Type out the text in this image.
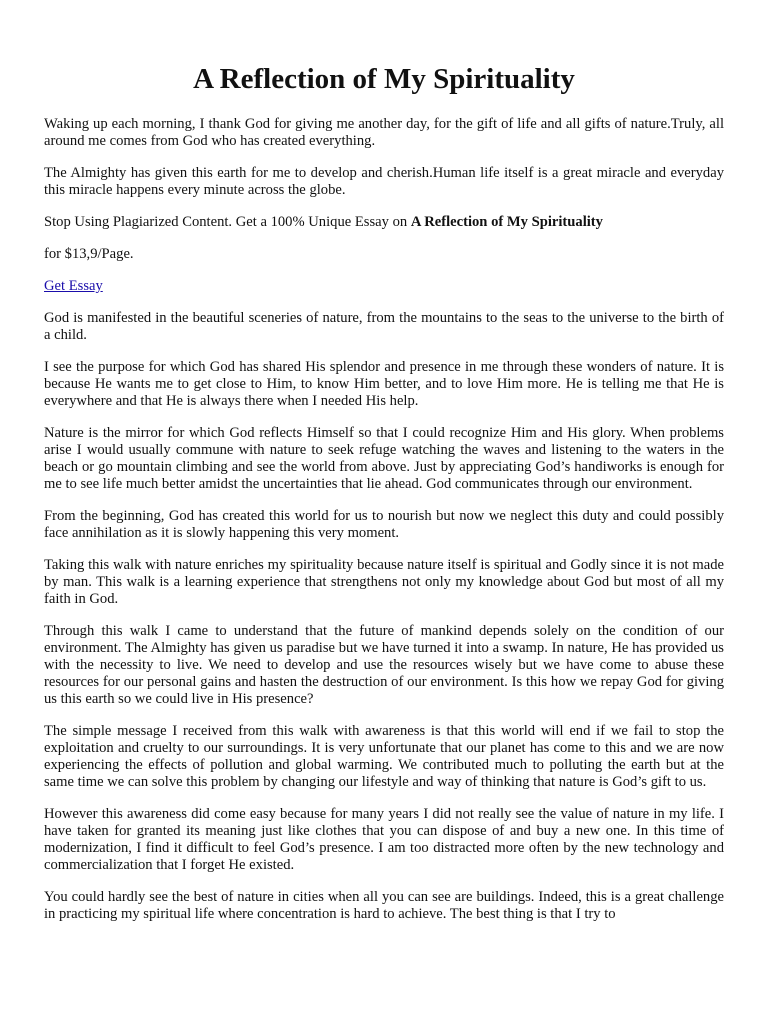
A Reflection of My Spirituality

Waking up each morning, I thank God for giving me another day, for the gift of life and all gifts of nature.Truly, all around me comes from God who has created everything.

The Almighty has given this earth for me to develop and cherish.Human life itself is a great miracle and everyday this miracle happens every minute across the globe.

Stop Using Plagiarized Content. Get a 100% Unique Essay on A Reflection of My Spirituality

for $13,9/Page.

Get Essay

God is manifested in the beautiful sceneries of nature, from the mountains to the seas to the universe to the birth of a child.

I see the purpose for which God has shared His splendor and presence in me through these wonders of nature. It is because He wants me to get close to Him, to know Him better, and to love Him more. He is telling me that He is everywhere and that He is always there when I needed His help.

Nature is the mirror for which God reflects Himself so that I could recognize Him and His glory. When problems arise I would usually commune with nature to seek refuge watching the waves and listening to the waters in the beach or go mountain climbing and see the world from above. Just by appreciating God’s handiworks is enough for me to see life much better amidst the uncertainties that lie ahead. God communicates through our environment.

From the beginning, God has created this world for us to nourish but now we neglect this duty and could possibly face annihilation as it is slowly happening this very moment.

Taking this walk with nature enriches my spirituality because nature itself is spiritual and Godly since it is not made by man. This walk is a learning experience that strengthens not only my knowledge about God but most of all my faith in God.

Through this walk I came to understand that the future of mankind depends solely on the condition of our environment. The Almighty has given us paradise but we have turned it into a swamp. In nature, He has provided us with the necessity to live. We need to develop and use the resources wisely but we have come to abuse these resources for our personal gains and hasten the destruction of our environment. Is this how we repay God for giving us this earth so we could live in His presence?

The simple message I received from this walk with awareness is that this world will end if we fail to stop the exploitation and cruelty to our surroundings. It is very unfortunate that our planet has come to this and we are now experiencing the effects of pollution and global warming. We contributed much to polluting the earth but at the same time we can solve this problem by changing our lifestyle and way of thinking that nature is God’s gift to us.

However this awareness did come easy because for many years I did not really see the value of nature in my life. I have taken for granted its meaning just like clothes that you can dispose of and buy a new one. In this time of modernization, I find it difficult to feel God’s presence. I am too distracted more often by the new technology and commercialization that I forget He existed.

You could hardly see the best of nature in cities when all you can see are buildings. Indeed, this is a great challenge in practicing my spiritual life where concentration is hard to achieve. The best thing is that I try to
